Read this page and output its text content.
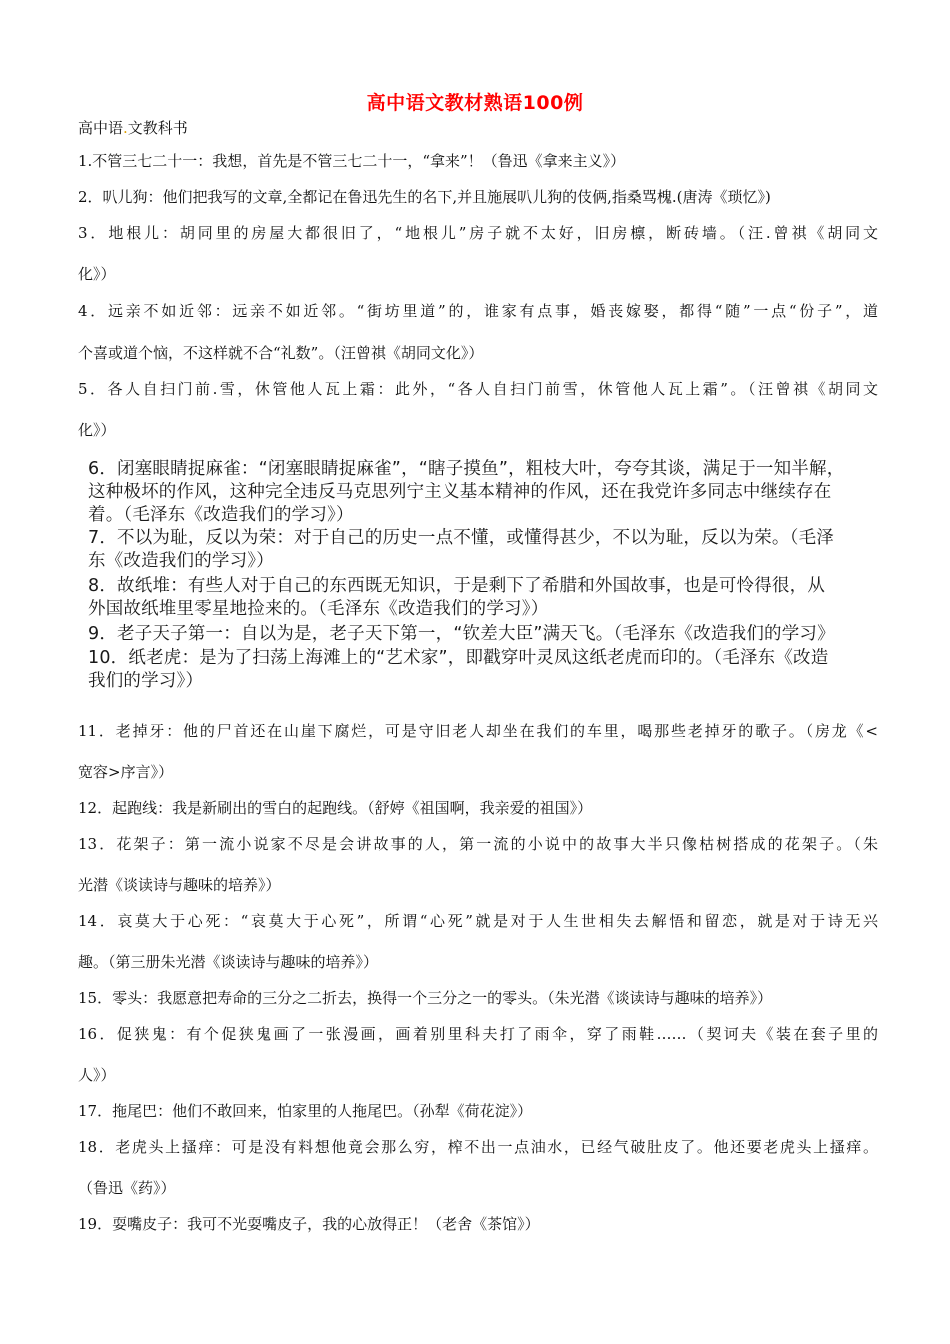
高中语文教材熟语100例
高中语.文教科书
1.不管三七二十一：我想，首先是不管三七二十一，“拿来”！（鲁迅《拿来主义》）
2．叭儿狗：他们把我写的文章,全都记在鲁迅先生的名下,并且施展叭儿狗的伎俩,指桑骂槐.(唐涛《琐忆》)
3．地根儿：胡同里的房屋大都很旧了，“地根儿”房子就不太好，旧房檩，断砖墙。（汪.曾祺《胡同文
化》）
4．远亲不如近邻：远亲不如近邻。“街坊里道”的，谁家有点事，婚丧嫁娶，都得“随”一点“份子”，道
个喜或道个恼，不这样就不合“礼数”。（汪曾祺《胡同文化》）
5．各人自扫门前.雪，休管他人瓦上霜：此外，“各人自扫门前雪，休管他人瓦上霜”。（汪曾祺《胡同文
化》）
6．闭塞眼睛捉麻雀：“闭塞眼睛捉麻雀”，“瞎子摸鱼”，粗枝大叶，夸夸其谈，满足于一知半解，
这种极坏的作风，这种完全违反马克思列宁主义基本精神的作风，还在我党许多同志中继续存在
着。（毛泽东《改造我们的学习》）
7．不以为耻，反以为荣：对于自己的历史一点不懂，或懂得甚少，不以为耻，反以为荣。（毛泽
东《改造我们的学习》）
8．故纸堆：有些人对于自己的东西既无知识，于是剩下了希腊和外国故事，也是可怜得很，从
外国故纸堆里零星地捡来的。（毛泽东《改造我们的学习》）
9．老子天子第一：自以为是，老子天下第一，“钦差大臣”满天飞。（毛泽东《改造我们的学习》
10．纸老虎：是为了扫荡上海滩上的“艺术家”，即戳穿叶灵凤这纸老虎而印的。（毛泽东《改造
我们的学习》）
11．老掉牙：他的尸首还在山崖下腐烂，可是守旧老人却坐在我们的车里，喝那些老掉牙的歌子。（房龙《<
宽容>序言》）
12．起跑线：我是新刷出的雪白的起跑线。（舒婷《祖国啊，我亲爱的祖国》）
13．花架子：第一流小说家不尽是会讲故事的人，第一流的小说中的故事大半只像枯树搭成的花架子。（朱
光潜《谈读诗与趣味的培养》）
14．哀莫大于心死：“哀莫大于心死”，所谓“心死”就是对于人生世相失去解悟和留恋，就是对于诗无兴
趣。（第三册朱光潜《谈读诗与趣味的培养》）
15．零头：我愿意把寿命的三分之二折去，换得一个三分之一的零头。（朱光潜《谈读诗与趣味的培养》）
16．促狭鬼：有个促狭鬼画了一张漫画，画着别里科夫打了雨伞，穿了雨鞋……（契诃夫《装在套子里的
人》）
17．拖尾巴：他们不敢回来，怕家里的人拖尾巴。（孙犁《荷花淀》）
18．老虎头上搔痒：可是没有料想他竟会那么穷，榨不出一点油水，已经气破肚皮了。他还要老虎头上搔痒。
（鲁迅《药》）
19．耍嘴皮子：我可不光耍嘴皮子，我的心放得正！（老舍《茶馆》）
